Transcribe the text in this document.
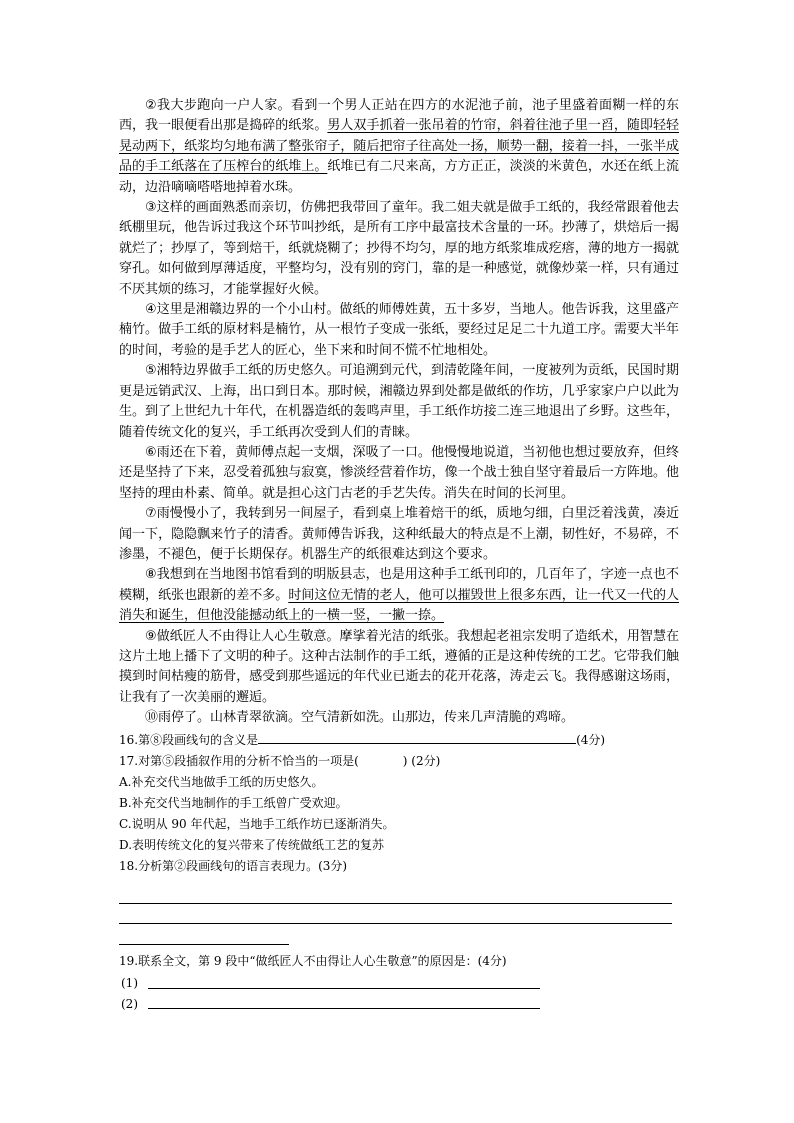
②我大步跑向一户人家。看到一个男人正站在四方的水泥池子前，池子里盛着面糊一样的东西，我一眼便看出那是捣碎的纸浆。男人双手抓着一张吊着的竹帘，斜着往池子里一舀，随即轻轻晃动两下，纸浆均匀地布满了整张帘子，随后把帘子往高处一扬，顺势一翻，接着一抖，一张半成品的手工纸落在了压榨台的纸堆上。纸堆已有二尺来高，方方正正，淡淡的米黄色，水还在纸上流动，边沿嘀嘀嗒嗒地掉着水珠。

③这样的画面熟悉而亲切，仿佛把我带回了童年。我二姐夫就是做手工纸的，我经常跟着他去纸棚里玩，他告诉过我这个环节叫抄纸，是所有工序中最富技术含量的一环。抄薄了，烘焙后一揭就烂了；抄厚了，等到焙干，纸就烧糊了；抄得不均匀，厚的地方纸浆堆成疙瘩，薄的地方一揭就穿孔。如何做到厚薄适度，平整均匀，没有别的窍门，靠的是一种感觉，就像炒菜一样，只有通过不厌其烦的练习，才能掌握好火候。

④这里是湘赣边界的一个小山村。做纸的师傅姓黄，五十多岁，当地人。他告诉我，这里盛产楠竹。做手工纸的原材料是楠竹，从一根竹子变成一张纸，要经过足足二十九道工序。需要大半年的时间，考验的是手艺人的匠心，坐下来和时间不慌不忙地相处。

⑤湘特边界做手工纸的历史悠久。可追溯到元代，到清乾隆年间，一度被列为贡纸，民国时期更是远销武汉、上海，出口到日本。那时候，湘赣边界到处都是做纸的作坊，几乎家家户户以此为生。到了上世纪九十年代，在机器造纸的轰鸣声里，手工纸作坊接二连三地退出了乡野。这些年，随着传统文化的复兴，手工纸再次受到人们的青睐。

⑥雨还在下着，黄师傅点起一支烟，深吸了一口。他慢慢地说道，当初他也想过要放弃，但终还是坚持了下来，忍受着孤独与寂寞，惨淡经营着作坊，像一个战士独自坚守着最后一方阵地。他坚持的理由朴素、简单。就是担心这门古老的手艺失传。消失在时间的长河里。

⑦雨慢慢小了，我转到另一间屋子，看到桌上堆着焙干的纸，质地匀细，白里泛着浅黄，凑近闻一下，隐隐飘来竹子的清香。黄师傅告诉我，这种纸最大的特点是不上潮，韧性好，不易碎，不渗墨，不褪色，便于长期保存。机器生产的纸很难达到这个要求。

⑧我想到在当地图书馆看到的明版县志，也是用这种手工纸刊印的，几百年了，字迹一点也不模糊，纸张也跟新的差不多。时间这位无情的老人，他可以摧毁世上很多东西，让一代又一代的人消失和诞生，但他没能撼动纸上的一横一竖，一撇一捺。

⑨做纸匠人不由得让人心生敬意。摩挲着光洁的纸张。我想起老祖宗发明了造纸术，用智慧在这片土地上播下了文明的种子。这种古法制作的手工纸，遵循的正是这种传统的工艺。它带我们触摸到时间枯瘦的筋骨，感受到那些遥远的年代业已逝去的花开花落，涛走云飞。我得感谢这场雨，让我有了一次美丽的邂逅。

⑩雨停了。山林青翠欲滴。空气清新如洗。山那边，传来几声清脆的鸡啼。

16.第⑧段画线句的含义是	(4分)

17.对第⑤段插叙作用的分析不恰当的一项是(	) (2分)

A.补充交代当地做手工纸的历史悠久。

B.补充交代当地制作的手工纸曾广受欢迎。

C.说明从 90 年代起，当地手工纸作坊已逐渐消失。

D.表明传统文化的复兴带来了传统做纸工艺的复苏

18.分析第②段画线句的语言表现力。(3分)

19.联系全文，第 9 段中“做纸匠人不由得让人心生敬意”的原因是：(4分)

(1)
(2)
